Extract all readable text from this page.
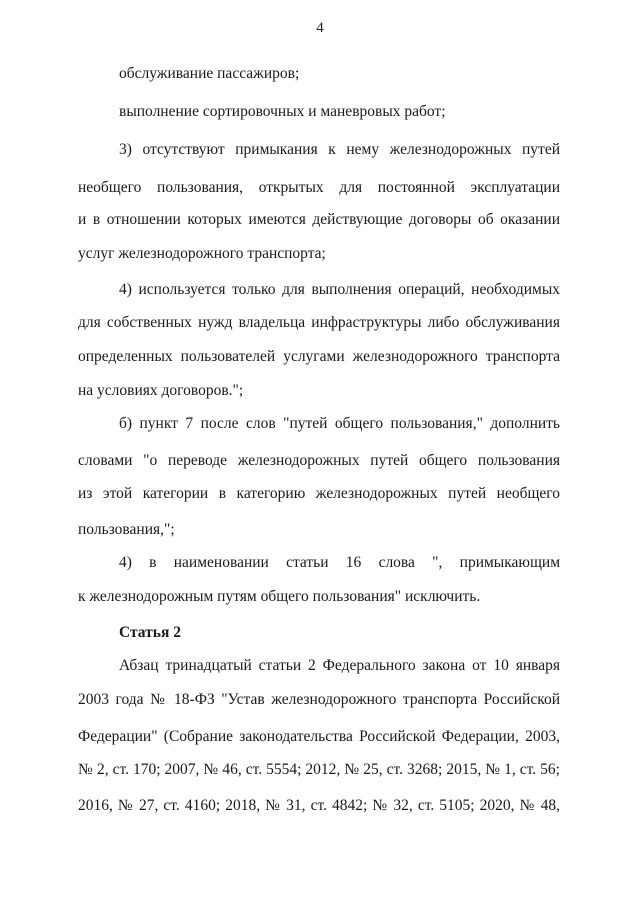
4
обслуживание пассажиров;
выполнение сортировочных и маневровых работ;
3) отсутствуют примыкания к нему железнодорожных путей
необщего пользования, открытых для постоянной эксплуатации
и в отношении которых имеются действующие договоры об оказании
услуг железнодорожного транспорта;
4) используется только для выполнения операций, необходимых
для собственных нужд владельца инфраструктуры либо обслуживания
определенных пользователей услугами железнодорожного транспорта
на условиях договоров.";
б) пункт 7 после слов "путей общего пользования," дополнить
словами "о переводе железнодорожных путей общего пользования
из этой категории в категорию железнодорожных путей необщего
пользования,";
4) в наименовании статьи 16 слова ", примыкающим
к железнодорожным путям общего пользования" исключить.
Статья 2
Абзац тринадцатый статьи 2 Федерального закона от 10 января
2003 года № 18-ФЗ "Устав железнодорожного транспорта Российской
Федерации" (Собрание законодательства Российской Федерации, 2003,
№ 2, ст. 170; 2007, № 46, ст. 5554; 2012, № 25, ст. 3268; 2015, № 1, ст. 56;
2016, № 27, ст. 4160; 2018, № 31, ст. 4842; № 32, ст. 5105; 2020, № 48,
